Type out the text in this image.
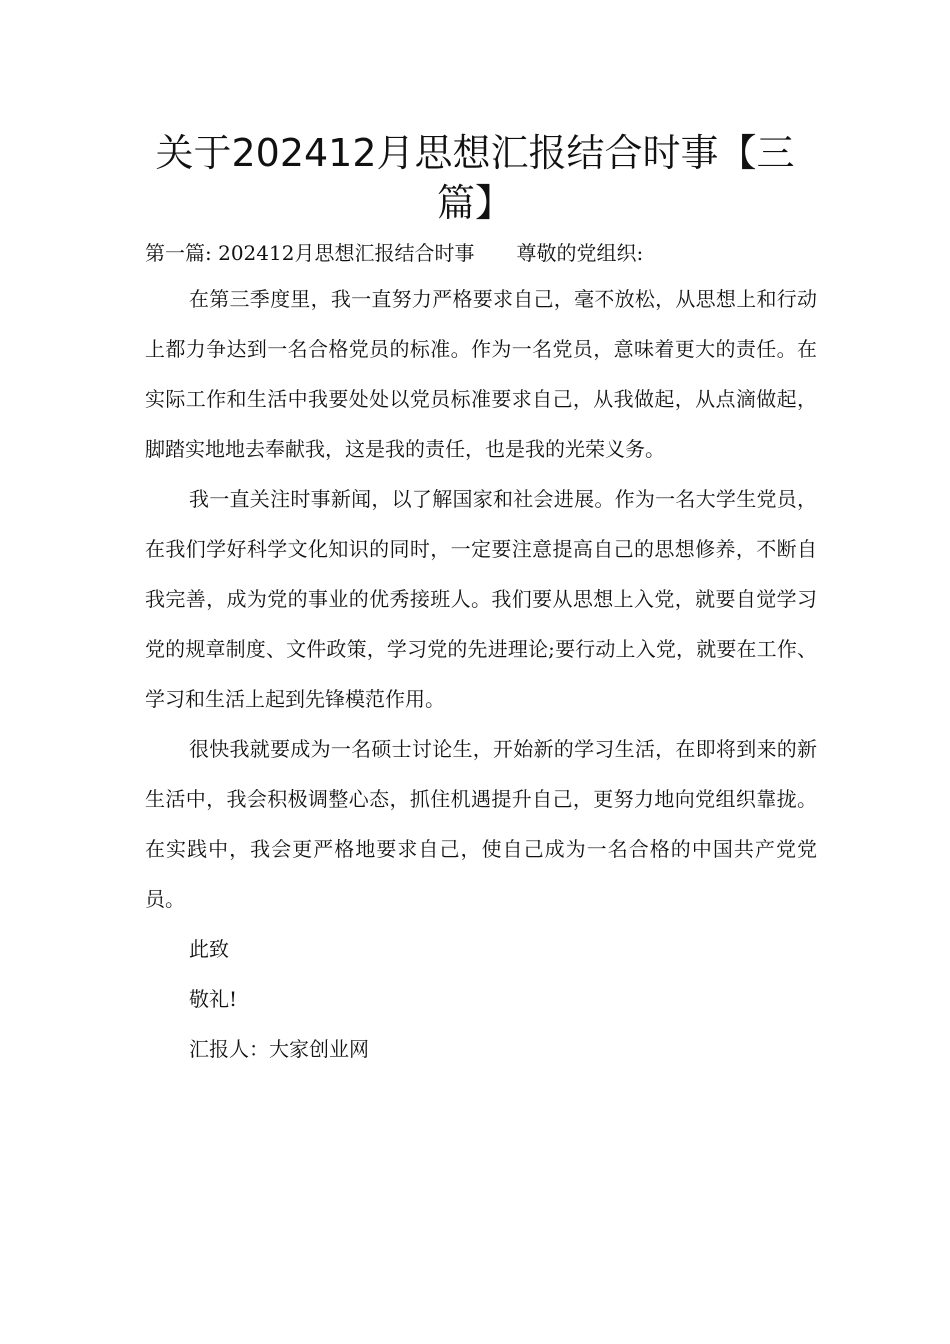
关于202412月思想汇报结合时事【三篇】

第一篇: 202412月思想汇报结合时事 尊敬的党组织:

在第三季度里，我一直努力严格要求自己，毫不放松，从思想上和行动上都力争达到一名合格党员的标准。作为一名党员，意味着更大的责任。在实际工作和生活中我要处处以党员标准要求自己，从我做起，从点滴做起，脚踏实地地去奉献我，这是我的责任，也是我的光荣义务。

我一直关注时事新闻，以了解国家和社会进展。作为一名大学生党员，在我们学好科学文化知识的同时，一定要注意提高自己的思想修养，不断自我完善，成为党的事业的优秀接班人。我们要从思想上入党，就要自觉学习党的规章制度、文件政策，学习党的先进理论;要行动上入党，就要在工作、学习和生活上起到先锋模范作用。

很快我就要成为一名硕士讨论生，开始新的学习生活，在即将到来的新生活中，我会积极调整心态，抓住机遇提升自己，更努力地向党组织靠拢。在实践中，我会更严格地要求自己，使自己成为一名合格的中国共产党党员。

此致

敬礼!

汇报人：大家创业网
